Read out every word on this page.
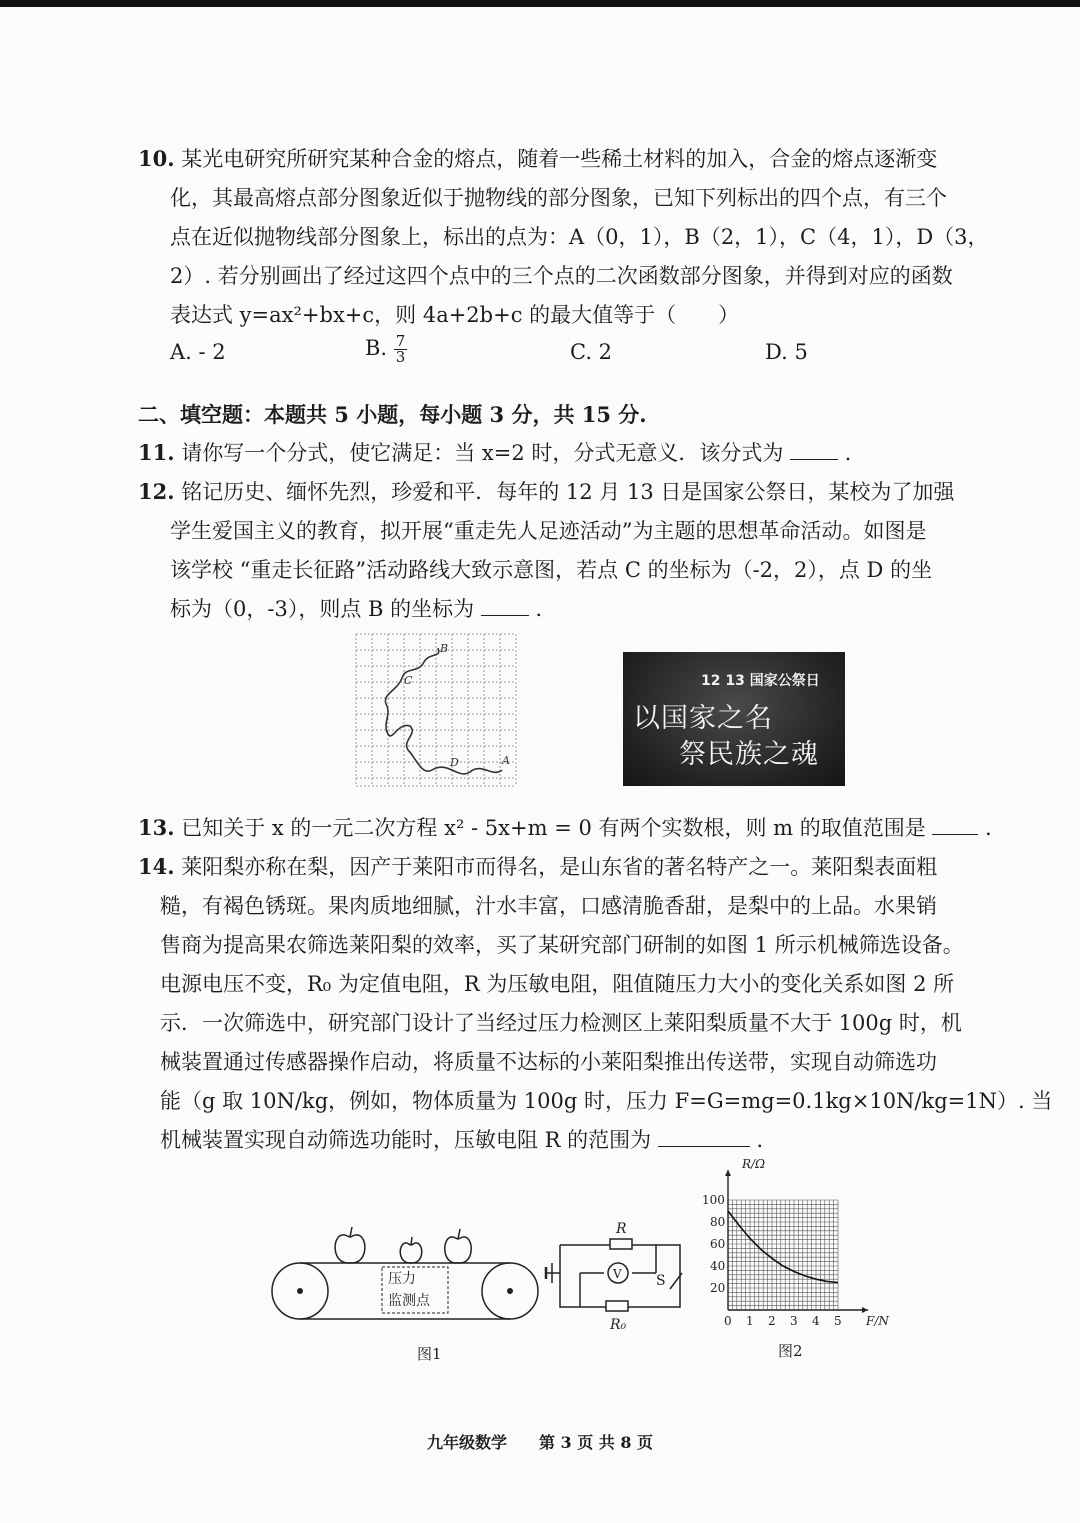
10. 某光电研究所研究某种合金的熔点，随着一些稀土材料的加入，合金的熔点逐渐变
化，其最高熔点部分图象近似于抛物线的部分图象，已知下列标出的四个点，有三个
点在近似抛物线部分图象上，标出的点为：A（0，1），B（2，1），C（4，1），D（3，
2）. 若分别画出了经过这四个点中的三个点的二次函数部分图象，并得到对应的函数
表达式 y=ax²+bx+c，则 4a+2b+c 的最大值等于（　　）
A. - 2	B. $\frac{7}{3}$	C. 2	D. 5
二、填空题：本题共 5 小题，每小题 3 分，共 15 分.
11. 请你写一个分式，使它满足：当 x=2 时，分式无意义．该分式为	．
12. 铭记历史、缅怀先烈，珍爱和平．每年的 12 月 13 日是国家公祭日，某校为了加强
学生爱国主义的教育，拟开展“重走先人足迹活动”为主题的思想革命活动。如图是
该学校 “重走长征路”活动路线大致示意图，若点 C 的坐标为（-2，2），点 D 的坐
标为（0，-3），则点 B 的坐标为	．
B
C
D	A
12 13 国家公祭日
以国家之名
祭民族之魂
13. 已知关于 x 的一元二次方程 x² - 5x+m = 0 有两个实数根，则 m 的取值范围是	．
14. 莱阳梨亦称在梨，因产于莱阳市而得名，是山东省的著名特产之一。莱阳梨表面粗
糙，有褐色锈斑。果肉质地细腻，汁水丰富，口感清脆香甜，是梨中的上品。水果销
售商为提高果农筛选莱阳梨的效率，买了某研究部门研制的如图 1 所示机械筛选设备。
电源电压不变，R₀ 为定值电阻，R 为压敏电阻，阻值随压力大小的变化关系如图 2 所
示．一次筛选中，研究部门设计了当经过压力检测区上莱阳梨质量不大于 100g 时，机
械装置通过传感器操作启动，将质量不达标的小莱阳梨推出传送带，实现自动筛选功
能（g 取 10N/kg，例如，物体质量为 100g 时，压力 F=G=mg=0.1kg×10N/kg=1N）. 当
机械装置实现自动筛选功能时，压敏电阻 R 的范围为	．
压力
监测点
R
R₀
V S
图1
F/N
R/Ω
0 1 2 3 4 5
20
40
60
80
100
图2
九年级数学　　第 3 页 共 8 页
